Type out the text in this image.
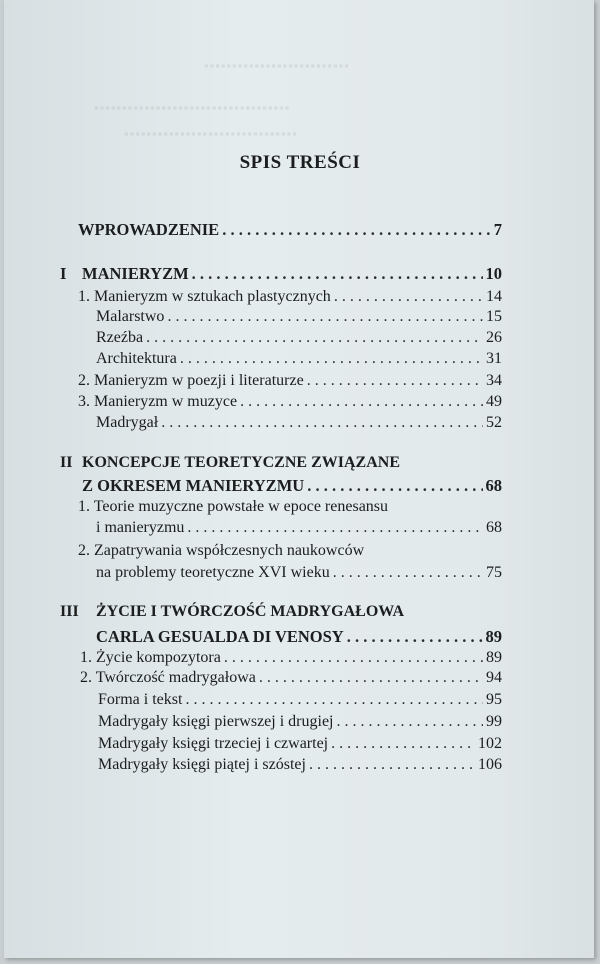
▪▪▪▪▪▪▪▪▪▪▪▪▪▪▪▪▪▪▪▪▪▪▪▪▪▪
▪▪▪▪▪▪▪▪▪▪▪▪▪▪▪▪▪▪▪▪▪▪▪▪▪▪▪▪▪▪▪▪▪▪▪
▪▪▪▪▪▪▪▪▪▪▪▪▪▪▪▪▪▪▪▪▪▪▪▪▪▪▪▪▪▪▪
SPIS TREŚCI
WPROWADZENIE . . .	7
I MANIERYZM . . .	10
1. Manieryzm w sztukach plastycznych . . .	14
Malarstwo . . .	15
Rzeźba . . .	26
Architektura . . .	31
2. Manieryzm w poezji i literaturze . . .	34
3. Manieryzm w muzyce . . .	49
Madrygał . . .	52
II KONCEPCJE TEORETYCZNE ZWIĄZANE
Z OKRESEM MANIERYZMU . . .	68
1. Teorie muzyczne powstałe w epoce renesansu
i manieryzmu . . .	68
2. Zapatrywania współczesnych naukowców
na problemy teoretyczne XVI wieku . . .	75
III ŻYCIE I TWÓRCZOŚĆ MADRYGAŁOWA
CARLA GESUALDA DI VENOSY . . .	89
1. Życie kompozytora . . .	89
2. Twórczość madrygałowa . . .	94
Forma i tekst . . .	95
Madrygały księgi pierwszej i drugiej . . .	99
Madrygały księgi trzeciej i czwartej . . .	102
Madrygały księgi piątej i szóstej . . .	106
